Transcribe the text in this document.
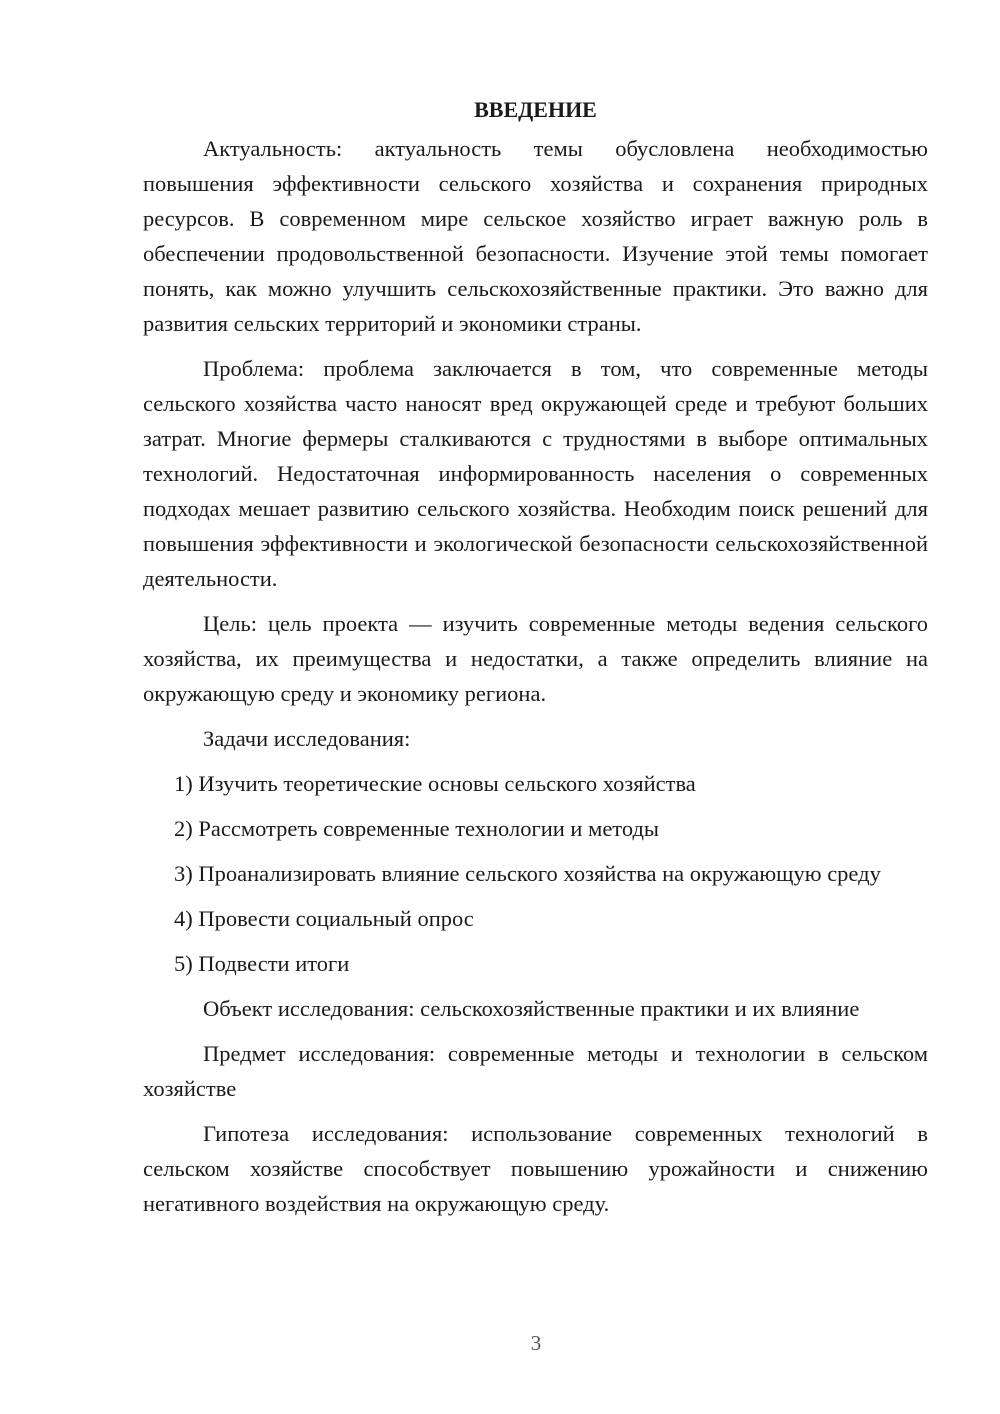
ВВЕДЕНИЕ

Актуальность: актуальность темы обусловлена необходимостью повышения эффективности сельского хозяйства и сохранения природных ресурсов. В современном мире сельское хозяйство играет важную роль в обеспечении продовольственной безопасности. Изучение этой темы помогает понять, как можно улучшить сельскохозяйственные практики. Это важно для развития сельских территорий и экономики страны.

Проблема: проблема заключается в том, что современные методы сельского хозяйства часто наносят вред окружающей среде и требуют больших затрат. Многие фермеры сталкиваются с трудностями в выборе оптимальных технологий. Недостаточная информированность населения о современных подходах мешает развитию сельского хозяйства. Необходим поиск решений для повышения эффективности и экологической безопасности сельскохозяйственной деятельности.

Цель: цель проекта — изучить современные методы ведения сельского хозяйства, их преимущества и недостатки, а также определить влияние на окружающую среду и экономику региона.

Задачи исследования:

1) Изучить теоретические основы сельского хозяйства

2) Рассмотреть современные технологии и методы

3) Проанализировать влияние сельского хозяйства на окружающую среду

4) Провести социальный опрос

5) Подвести итоги

Объект исследования: сельскохозяйственные практики и их влияние

Предмет исследования: современные методы и технологии в сельском хозяйстве

Гипотеза исследования: использование современных технологий в сельском хозяйстве способствует повышению урожайности и снижению негативного воздействия на окружающую среду.

3
